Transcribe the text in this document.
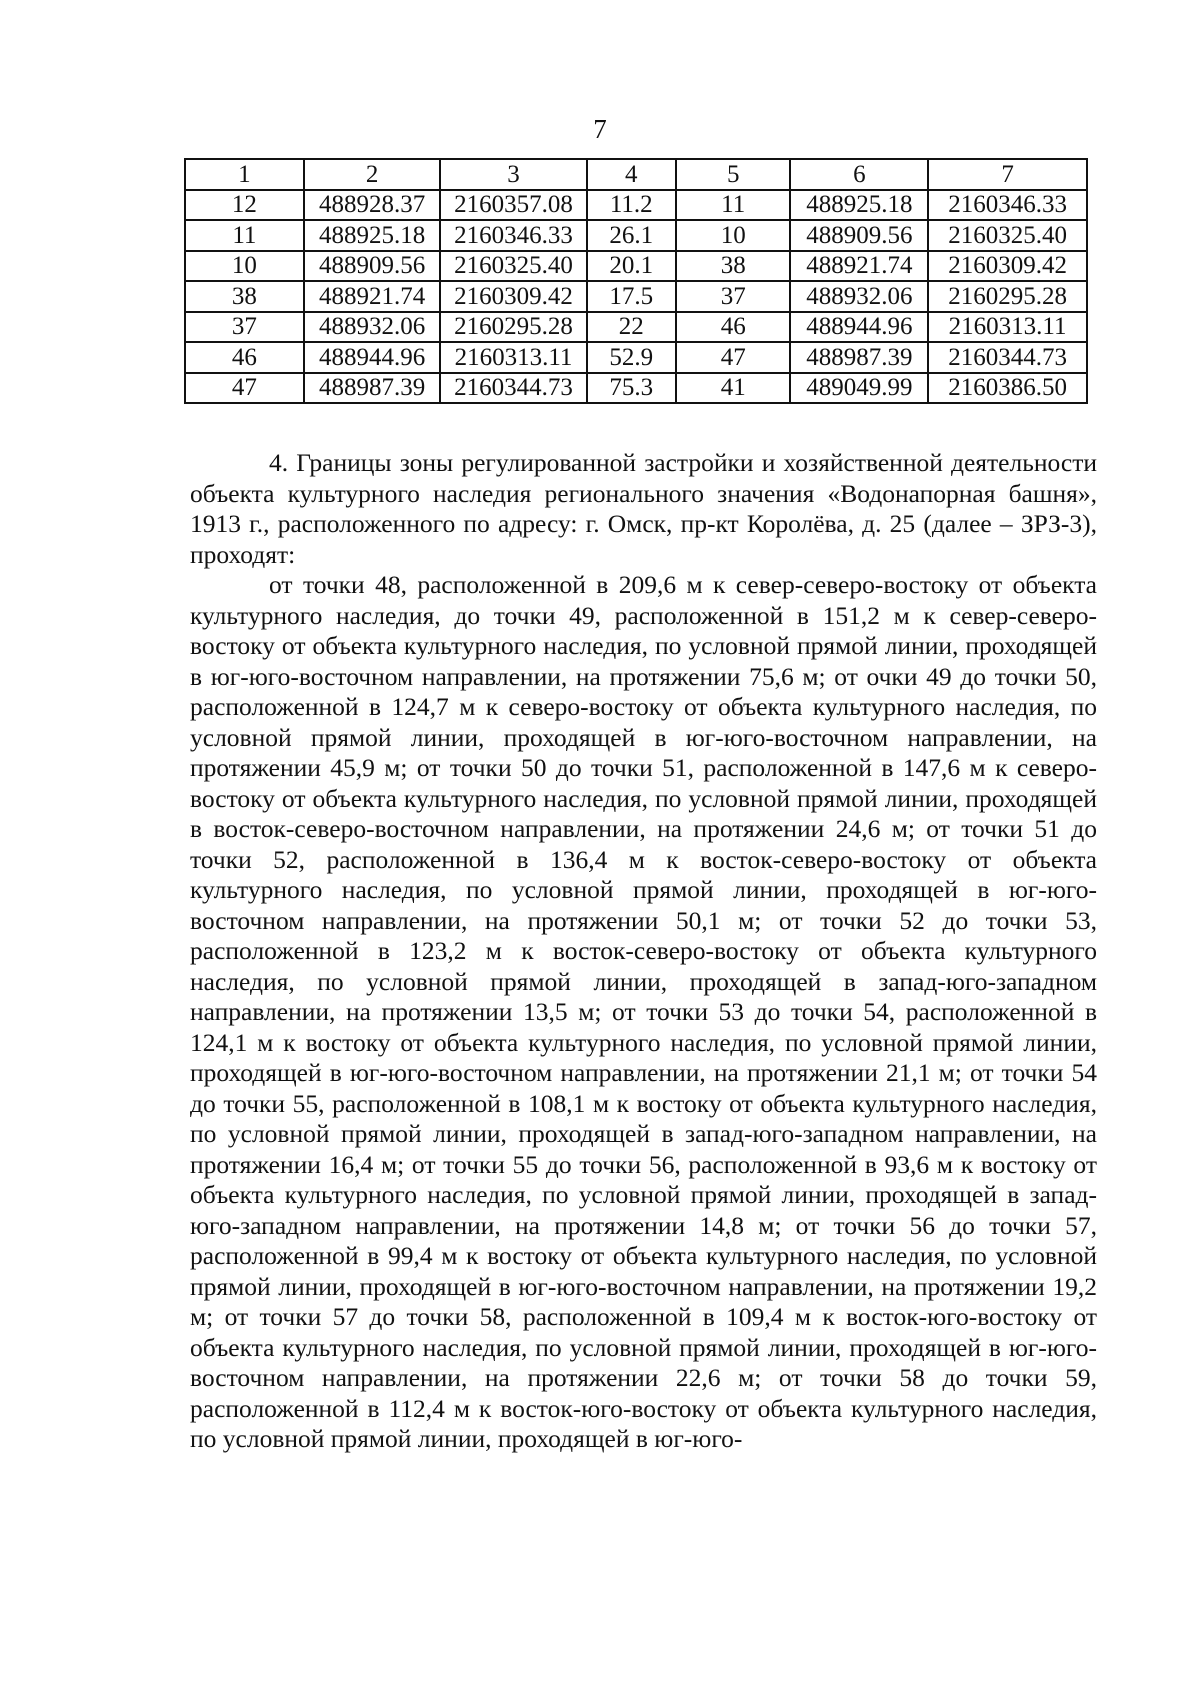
7
1	2	3	4	5	6	7
12	488928.37	2160357.08	11.2	11	488925.18	2160346.33
11	488925.18	2160346.33	26.1	10	488909.56	2160325.40
10	488909.56	2160325.40	20.1	38	488921.74	2160309.42
38	488921.74	2160309.42	17.5	37	488932.06	2160295.28
37	488932.06	2160295.28	22	46	488944.96	2160313.11
46	488944.96	2160313.11	52.9	47	488987.39	2160344.73
47	488987.39	2160344.73	75.3	41	489049.99	2160386.50

4. Границы зоны регулированной застройки и хозяйственной деятельности объекта культурного наследия регионального значения «Водонапорная башня», 1913 г., расположенного по адресу: г. Омск, пр-кт Королёва, д. 25 (далее – ЗРЗ-3), проходят:

от точки 48, расположенной в 209,6 м к север-северо-востоку от объекта культурного наследия, до точки 49, расположенной в 151,2 м к север-северо-востоку от объекта культурного наследия, по условной прямой линии, проходящей в юг-юго-восточном направлении, на протяжении 75,6 м; от очки 49 до точки 50, расположенной в 124,7 м к северо-востоку от объекта культурного наследия, по условной прямой линии, проходящей в юг-юго-восточном направлении, на протяжении 45,9 м; от точки 50 до точки 51, расположенной в 147,6 м к северо-востоку от объекта культурного наследия, по условной прямой линии, проходящей в восток-северо-восточном направлении, на протяжении 24,6 м; от точки 51 до точки 52, расположенной в 136,4 м к восток-северо-востоку от объекта культурного наследия, по условной прямой линии, проходящей в юг-юго-восточном направлении, на протяжении 50,1 м; от точки 52 до точки 53, расположенной в 123,2 м к восток-северо-востоку от объекта культурного наследия, по условной прямой линии, проходящей в запад-юго-западном направлении, на протяжении 13,5 м; от точки 53 до точки 54, расположенной в 124,1 м к востоку от объекта культурного наследия, по условной прямой линии, проходящей в юг-юго-восточном направлении, на протяжении 21,1 м; от точки 54 до точки 55, расположенной в 108,1 м к востоку от объекта культурного наследия, по условной прямой линии, проходящей в запад-юго-западном направлении, на протяжении 16,4 м; от точки 55 до точки 56, расположенной в 93,6 м к востоку от объекта культурного наследия, по условной прямой линии, проходящей в запад-юго-западном направлении, на протяжении 14,8 м; от точки 56 до точки 57, расположенной в 99,4 м к востоку от объекта культурного наследия, по условной прямой линии, проходящей в юг-юго-восточном направлении, на протяжении 19,2 м; от точки 57 до точки 58, расположенной в 109,4 м к восток-юго-востоку от объекта культурного наследия, по условной прямой линии, проходящей в юг-юго-восточном направлении, на протяжении 22,6 м; от точки 58 до точки 59, расположенной в 112,4 м к восток-юго-востоку от объекта культурного наследия, по условной прямой линии, проходящей в юг-юго-
